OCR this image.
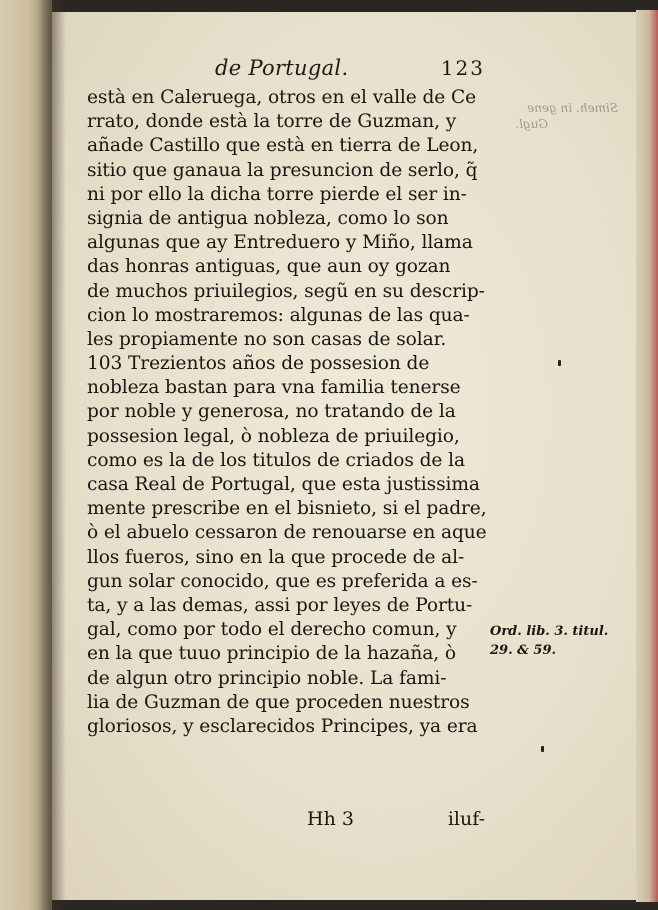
de Portugal.	123
Simeh. in gene
Gugl.
està en Caleruega, otros en el valle de Ce
rrato, donde està la torre de Guzman, y
añade Castillo que està en tierra de Leon,
sitio que ganaua la presuncion de serlo, q̃
ni por ello la dicha torre pierde el ser in-
signia de antigua nobleza, como lo son
algunas que ay Entreduero y Miño, llama
das honras antiguas, que aun oy gozan
de muchos priuilegios, segũ en su descrip-
cion lo mostraremos: algunas de las qua-
les propiamente no son casas de solar.
103 Trezientos años de possesion de
nobleza bastan para vna familia tenerse
por noble y generosa, no tratando de la
possesion legal, ò nobleza de priuilegio,
como es la de los titulos de criados de la
casa Real de Portugal, que esta justissima
mente prescribe en el bisnieto, si el padre,
ò el abuelo cessaron de renouarse en aque
llos fueros, sino en la que procede de al-
gun solar conocido, que es preferida a es-
ta, y a las demas, assi por leyes de Portu-
gal, como por todo el derecho comun, y
en la que tuuo principio de la hazaña, ò
de algun otro principio noble. La fami-
lia de Guzman de que proceden nuestros
gloriosos, y esclarecidos Principes, ya era
Ord. lib. 3. titul.
29. & 59.
Hh 3	iluf-
